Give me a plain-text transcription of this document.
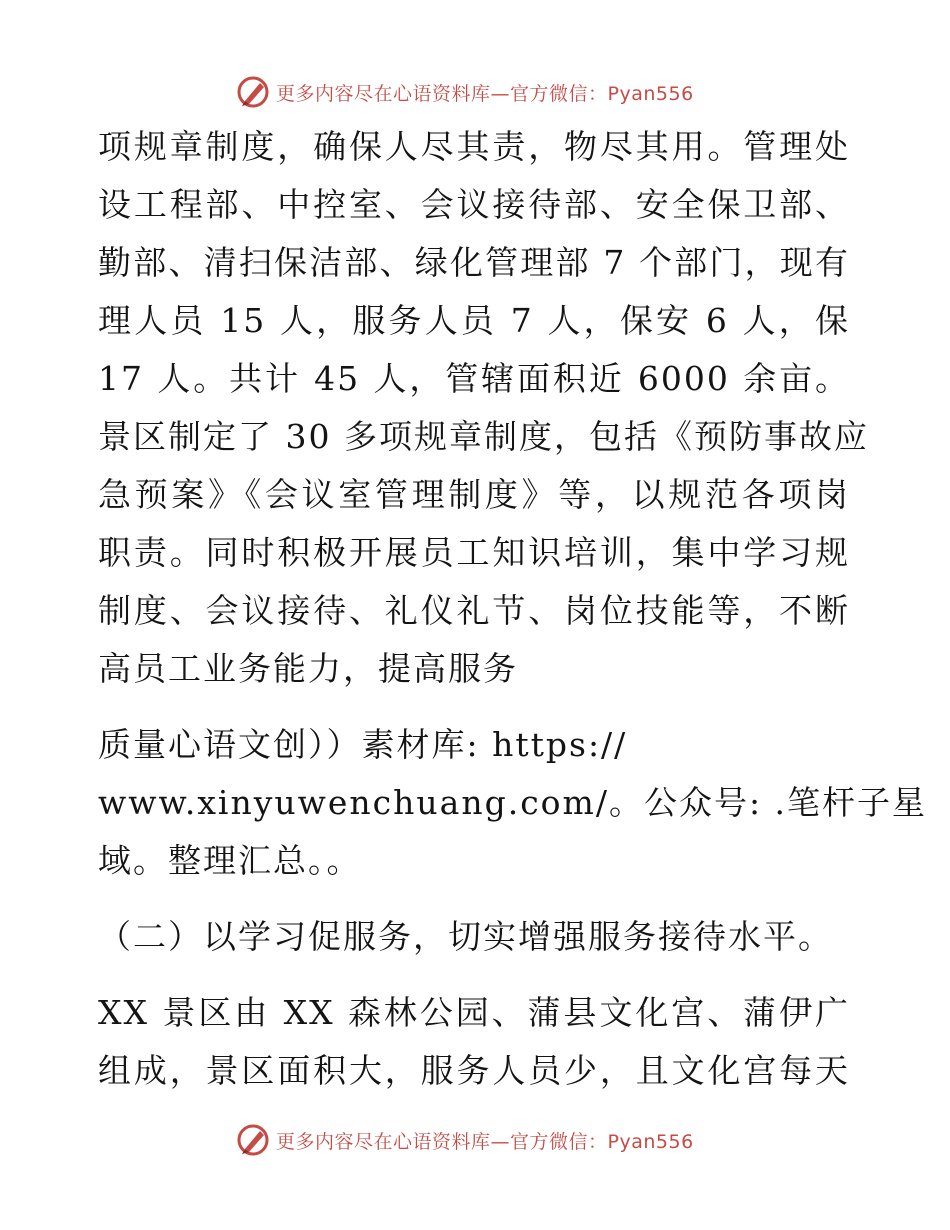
更多内容尽在心语资料库—官方微信：Pyan556
项规章制度，确保人尽其责，物尽其用。管理处
设工程部、中控室、会议接待部、安全保卫部、
勤部、清扫保洁部、绿化管理部 7 个部门，现有
理人员 15 人，服务人员 7 人，保安 6 人，保
17 人。共计 45 人，管辖面积近 6000 余亩。
景区制定了 30 多项规章制度，包括《预防事故应
急预案》《会议室管理制度》等，以规范各项岗
职责。同时积极开展员工知识培训，集中学习规
制度、会议接待、礼仪礼节、岗位技能等，不断
高员工业务能力，提高服务
质量心语文创））素材库: https://
www.xinyuwenchuang.com/。公众号: .笔杆子星
域。整理汇总。。
（二）以学习促服务，切实增强服务接待水平。
XX 景区由 XX 森林公园、蒲县文化宫、蒲伊广
组成，景区面积大，服务人员少，且文化宫每天
更多内容尽在心语资料库—官方微信：Pyan556
